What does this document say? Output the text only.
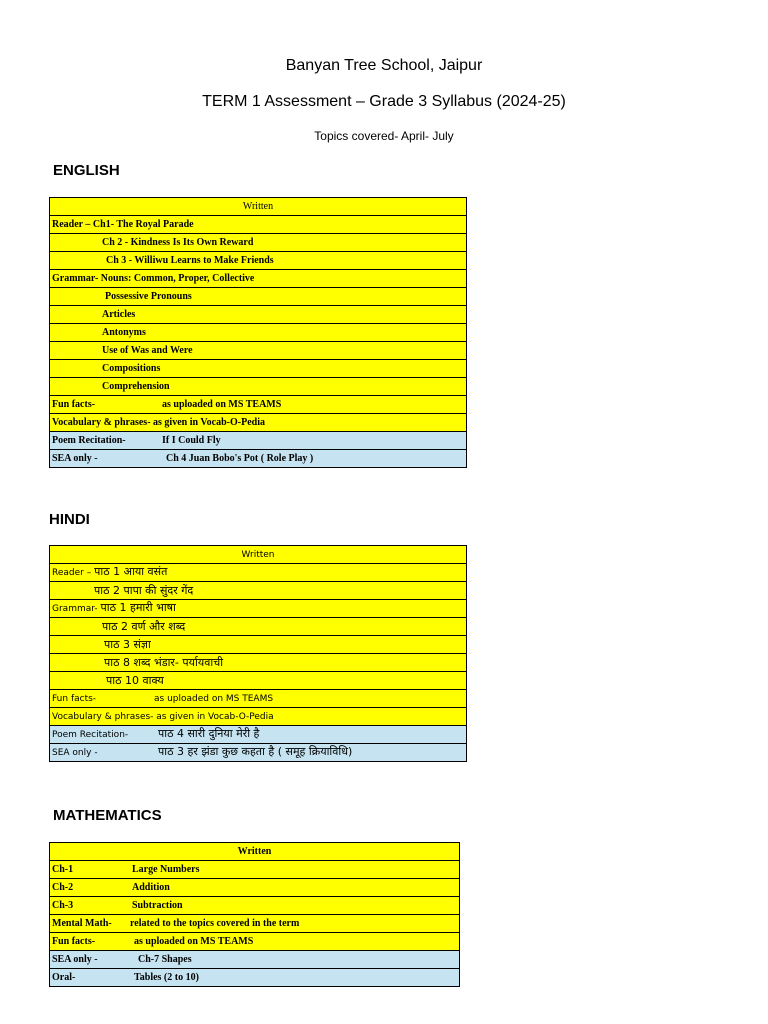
Banyan Tree School, Jaipur
TERM 1 Assessment – Grade 3 Syllabus (2024-25)
Topics covered- April- July
ENGLISH
Written
Reader – Ch1- The Royal Parade
Ch 2 - Kindness Is Its Own Reward
Ch 3 - Williwu Learns to Make Friends
Grammar- Nouns: Common, Proper, Collective
Possessive Pronouns
Articles
Antonyms
Use of Was and Were
Compositions
Comprehension
Fun facts-	as uploaded on MS TEAMS
Vocabulary & phrases- as given in Vocab-O-Pedia
Poem Recitation-	If I Could Fly
SEA only -	Ch 4 Juan Bobo's Pot ( Role Play )
HINDI
Written
Reader – पाठ 1 आया वसंत
पाठ 2 पापा की सुंदर गेंद
Grammar- पाठ 1 हमारी भाषा
पाठ 2 वर्ण और शब्द
पाठ 3 संज्ञा
पाठ 8 शब्द भंडार- पर्यायवाची
पाठ 10 वाक्य
Fun facts-	as uploaded on MS TEAMS
Vocabulary & phrases- as given in Vocab-O-Pedia
Poem Recitation-	पाठ 4 सारी दुनिया मेरी है
SEA only -	पाठ 3 हर झंडा कुछ कहता है ( समूह क्रियाविधि)
MATHEMATICS
Written
Ch-1	Large Numbers
Ch-2	Addition
Ch-3	Subtraction
Mental Math- related to the topics covered in the term
Fun facts-	as uploaded on MS TEAMS
SEA only -	Ch-7 Shapes
Oral-	Tables (2 to 10)
